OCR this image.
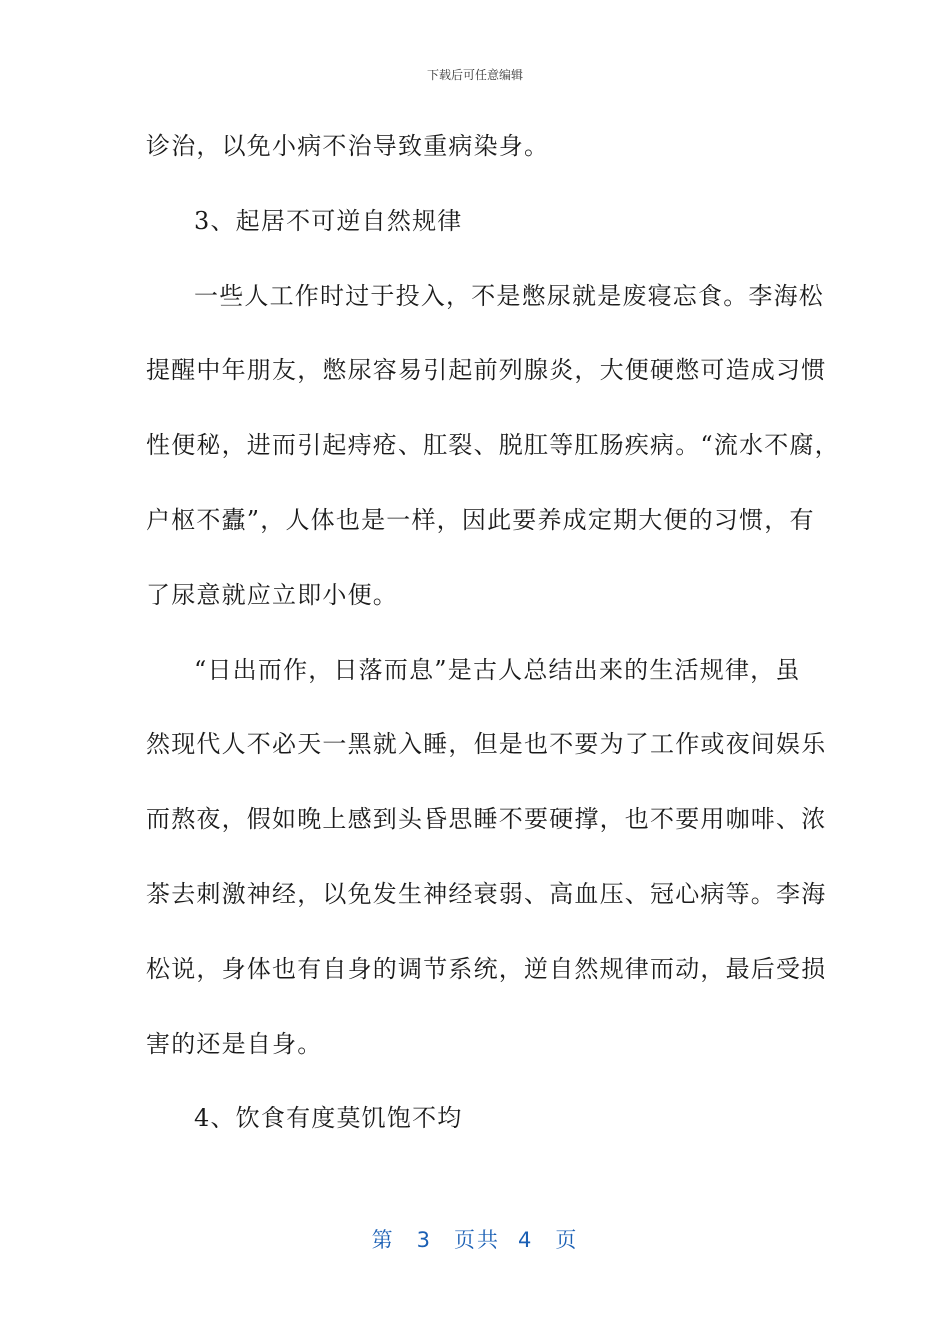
下载后可任意编辑
诊治，以免小病不治导致重病染身。
3、起居不可逆自然规律
一些人工作时过于投入，不是憋尿就是废寝忘食。李海松
提醒中年朋友，憋尿容易引起前列腺炎，大便硬憋可造成习惯
性便秘，进而引起痔疮、肛裂、脱肛等肛肠疾病。“流水不腐，
户枢不蠹”，人体也是一样，因此要养成定期大便的习惯，有
了尿意就应立即小便。
“日出而作，日落而息”是古人总结出来的生活规律，虽
然现代人不必天一黑就入睡，但是也不要为了工作或夜间娱乐
而熬夜，假如晚上感到头昏思睡不要硬撑，也不要用咖啡、浓
茶去刺激神经，以免发生神经衰弱、高血压、冠心病等。李海
松说，身体也有自身的调节系统，逆自然规律而动，最后受损
害的还是自身。
4、饮食有度莫饥饱不均
第 3 页共 4 页
